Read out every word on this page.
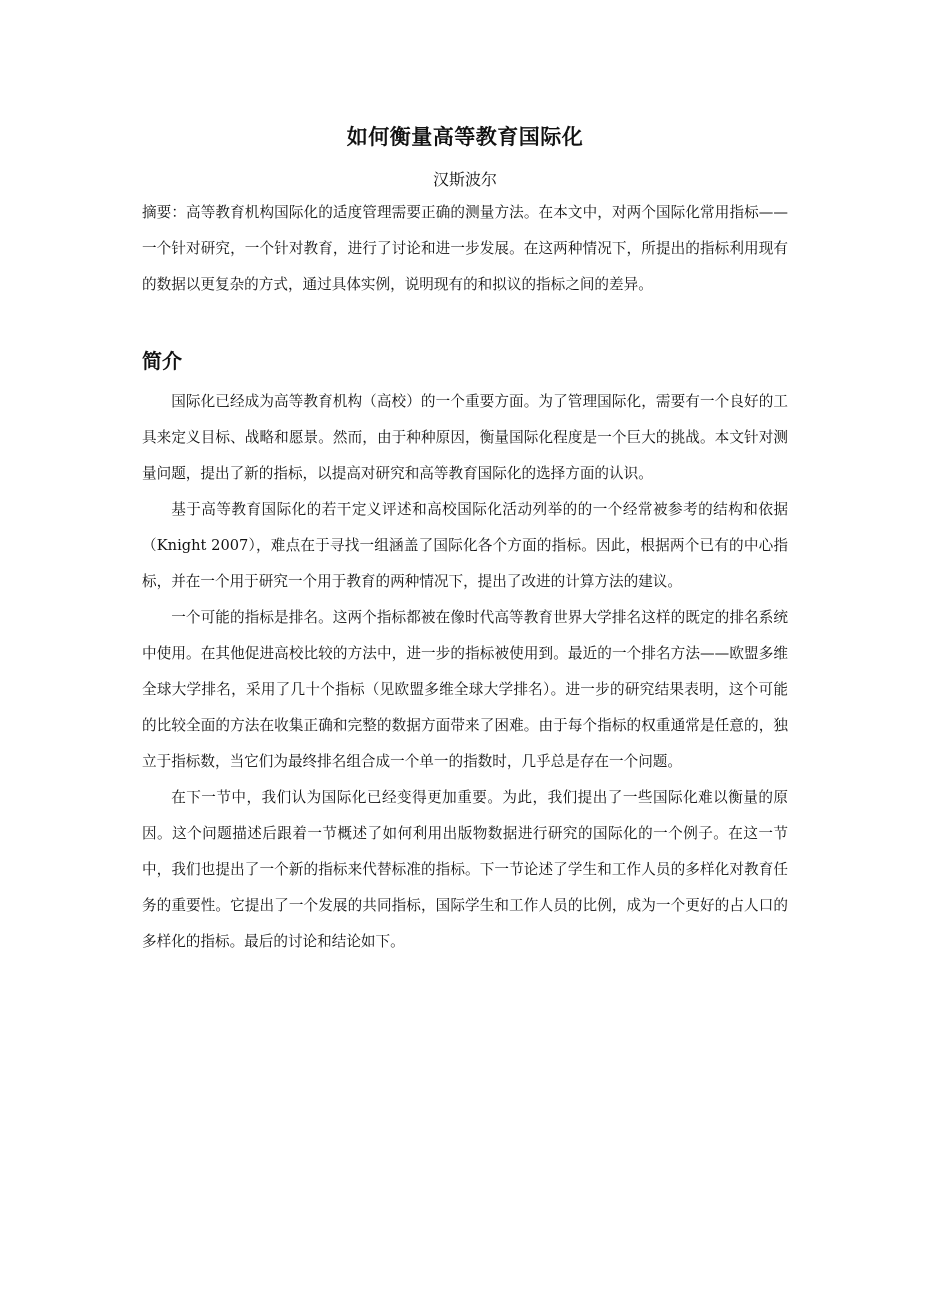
如何衡量高等教育国际化
汉斯波尔

摘要：高等教育机构国际化的适度管理需要正确的测量方法。在本文中，对两个国际化常用指标——一个针对研究，一个针对教育，进行了讨论和进一步发展。在这两种情况下，所提出的指标利用现有的数据以更复杂的方式，通过具体实例，说明现有的和拟议的指标之间的差异。

简介

国际化已经成为高等教育机构（高校）的一个重要方面。为了管理国际化，需要有一个良好的工具来定义目标、战略和愿景。然而，由于种种原因，衡量国际化程度是一个巨大的挑战。本文针对测量问题，提出了新的指标，以提高对研究和高等教育国际化的选择方面的认识。

基于高等教育国际化的若干定义评述和高校国际化活动列举的的一个经常被参考的结构和依据（Knight 2007），难点在于寻找一组涵盖了国际化各个方面的指标。因此，根据两个已有的中心指标，并在一个用于研究一个用于教育的两种情况下，提出了改进的计算方法的建议。

一个可能的指标是排名。这两个指标都被在像时代高等教育世界大学排名这样的既定的排名系统中使用。在其他促进高校比较的方法中，进一步的指标被使用到。最近的一个排名方法——欧盟多维全球大学排名，采用了几十个指标（见欧盟多维全球大学排名）。进一步的研究结果表明，这个可能的比较全面的方法在收集正确和完整的数据方面带来了困难。由于每个指标的权重通常是任意的，独立于指标数，当它们为最终排名组合成一个单一的指数时，几乎总是存在一个问题。

在下一节中，我们认为国际化已经变得更加重要。为此，我们提出了一些国际化难以衡量的原因。这个问题描述后跟着一节概述了如何利用出版物数据进行研究的国际化的一个例子。在这一节中，我们也提出了一个新的指标来代替标准的指标。下一节论述了学生和工作人员的多样化对教育任务的重要性。它提出了一个发展的共同指标，国际学生和工作人员的比例，成为一个更好的占人口的多样化的指标。最后的讨论和结论如下。
